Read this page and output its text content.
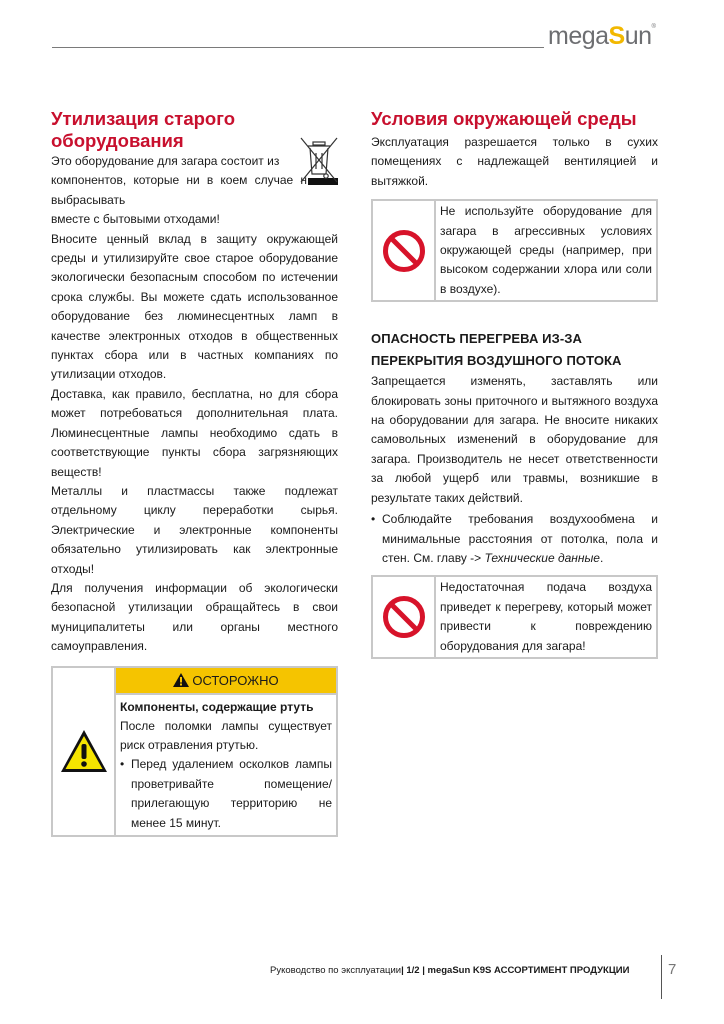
megaSun®
Утилизация старого оборудования

Это оборудование для загара состоит из

компонентов, которые ни в коем случае н

выбрасывать

вместе с бытовыми отходами!

Вносите ценный вклад в защиту окружающей среды и утилизируйте свое старое оборудование экологически безопасным способом по истечении срока службы. Вы можете сдать использованное оборудование без люминесцентных ламп в качестве электронных отходов в общественных пунктах сбора или в частных компаниях по утилизации отходов.

Доставка, как правило, бесплатна, но для сбора может потребоваться дополнительная плата. Люминесцентные лампы необходимо сдать в соответствующие пункты сбора загрязняющих веществ!

Металлы и пластмассы также подлежат отдельному циклу переработки сырья. Электрические и электронные компоненты обязательно утилизировать как электронные отходы!

Для получения информации об экологически безопасной утилизации обращайтесь в свои муниципалитеты или органы местного самоуправления.

ОСТОРОЖНО
Компоненты, содержащие ртуть

После поломки лампы существует риск отравления ртутью.

• Перед удалением осколков лампы проветривайте помещение/прилегающую территорию не менее 15 минут.
Условия окружающей среды

Эксплуатация разрешается только в сухих помещениях с надлежащей вентиляцией и вытяжкой.

Не используйте оборудование для загара в агрессивных условиях окружающей среды (например, при высоком содержании хлора или соли в воздухе).

ОПАСНОСТЬ ПЕРЕГРЕВА ИЗ-ЗА
ПЕРЕКРЫТИЯ ВОЗДУШНОГО ПОТОКА

Запрещается изменять, заставлять или блокировать зоны приточного и вытяжного воздуха на оборудовании для загара. Не вносите никаких самовольных изменений в оборудование для загара. Производитель не несет ответственности за любой ущерб или травмы, возникшие в результате таких действий.

• Соблюдайте требования воздухообмена и минимальные расстояния от потолка, пола и стен. См. главу -> Технические данные.

Недостаточная подача воздуха приведет к перегреву, который может привести к повреждению оборудования для загара!

Руководство по эксплуатации| 1/2 | megaSun K9S АССОРТИМЕНТ ПРОДУКЦИИ	7
